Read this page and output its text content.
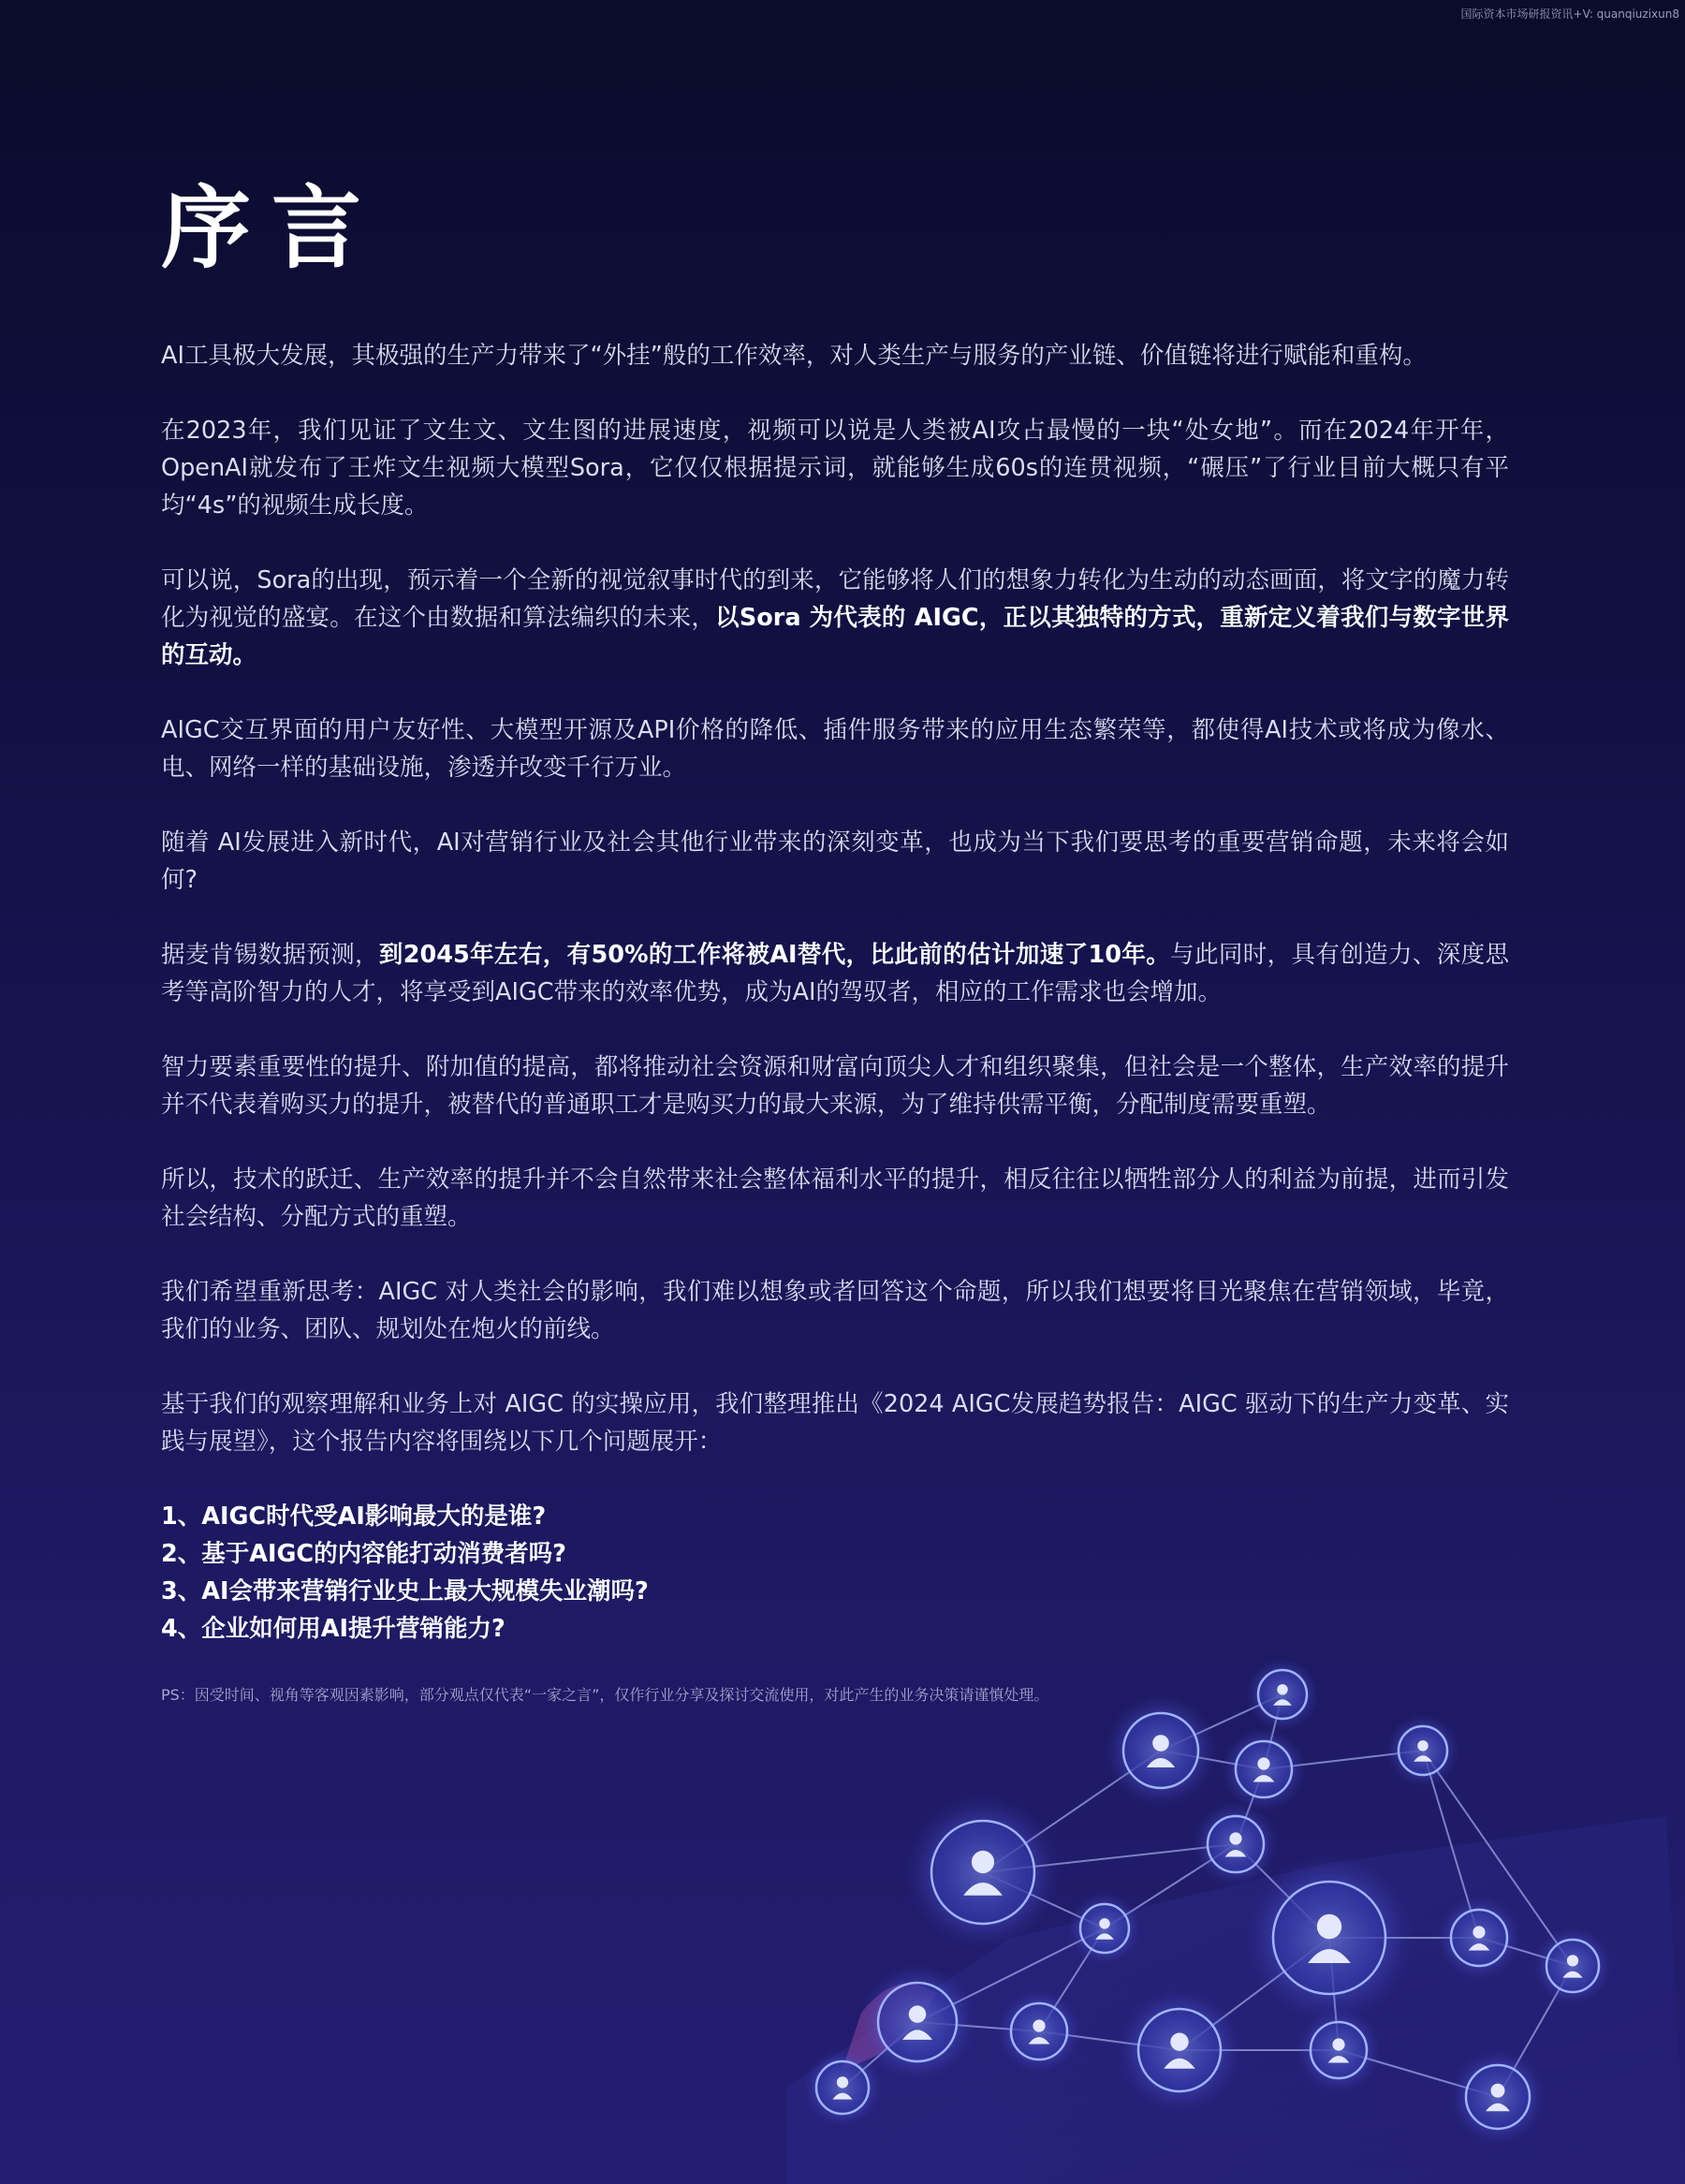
国际资本市场研报资讯+V: quanqiuzixun8
序言

AI工具极大发展，其极强的生产力带来了“外挂”般的工作效率，对人类生产与服务的产业链、价值链将进行赋能和重构。

在2023年，我们见证了文生文、文生图的进展速度，视频可以说是人类被AI攻占最慢的一块“处女地”。而在2024年开年，OpenAI就发布了王炸文生视频大模型Sora，它仅仅根据提示词，就能够生成60s的连贯视频，“碾压”了行业目前大概只有平均“4s”的视频生成长度。

可以说，Sora的出现，预示着一个全新的视觉叙事时代的到来，它能够将人们的想象力转化为生动的动态画面，将文字的魔力转化为视觉的盛宴。在这个由数据和算法编织的未来，以Sora 为代表的 AIGC，正以其独特的方式，重新定义着我们与数字世界的互动。

AIGC交互界面的用户友好性、大模型开源及API价格的降低、插件服务带来的应用生态繁荣等，都使得AI技术或将成为像水、电、网络一样的基础设施，渗透并改变千行万业。

随着 AI发展进入新时代，AI对营销行业及社会其他行业带来的深刻变革，也成为当下我们要思考的重要营销命题，未来将会如何?

据麦肯锡数据预测，到2045年左右，有50%的工作将被AI替代，比此前的估计加速了10年。与此同时，具有创造力、深度思考等高阶智力的人才，将享受到AIGC带来的效率优势，成为AI的驾驭者，相应的工作需求也会增加。

智力要素重要性的提升、附加值的提高，都将推动社会资源和财富向顶尖人才和组织聚集，但社会是一个整体，生产效率的提升并不代表着购买力的提升，被替代的普通职工才是购买力的最大来源，为了维持供需平衡，分配制度需要重塑。

所以，技术的跃迁、生产效率的提升并不会自然带来社会整体福利水平的提升，相反往往以牺牲部分人的利益为前提，进而引发社会结构、分配方式的重塑。

我们希望重新思考：AIGC 对人类社会的影响，我们难以想象或者回答这个命题，所以我们想要将目光聚焦在营销领域，毕竟，我们的业务、团队、规划处在炮火的前线。

基于我们的观察理解和业务上对 AIGC 的实操应用，我们整理推出《2024 AIGC发展趋势报告：AIGC 驱动下的生产力变革、实践与展望》，这个报告内容将围绕以下几个问题展开：

1、AIGC时代受AI影响最大的是谁?
2、基于AIGC的内容能打动消费者吗?
3、AI会带来营销行业史上最大规模失业潮吗?
4、企业如何用AI提升营销能力?

PS：因受时间、视角等客观因素影响，部分观点仅代表“一家之言”，仅作行业分享及探讨交流使用，对此产生的业务决策请谨慎处理。
